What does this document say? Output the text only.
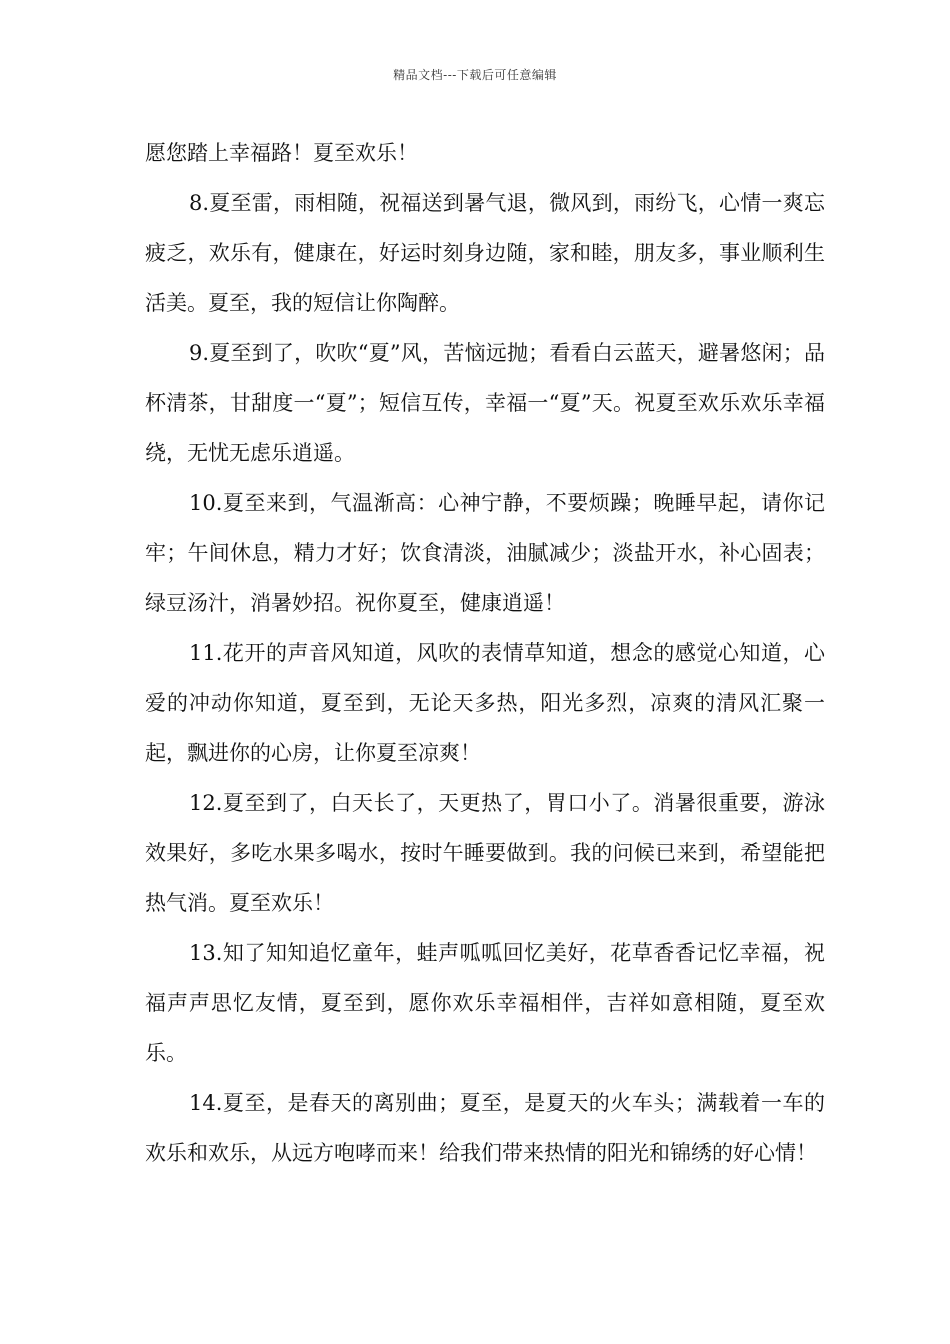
精品文档---下载后可任意编辑

愿您踏上幸福路！夏至欢乐！

8.夏至雷，雨相随，祝福送到暑气退，微风到，雨纷飞，心情一爽忘疲乏，欢乐有，健康在，好运时刻身边随，家和睦，朋友多，事业顺利生活美。夏至，我的短信让你陶醉。

9.夏至到了，吹吹“夏”风，苦恼远抛；看看白云蓝天，避暑悠闲；品杯清茶，甘甜度一“夏”；短信互传，幸福一“夏”天。祝夏至欢乐欢乐幸福绕，无忧无虑乐逍遥。

10.夏至来到，气温渐高：心神宁静，不要烦躁；晚睡早起，请你记牢；午间休息，精力才好；饮食清淡，油腻减少；淡盐开水，补心固表；绿豆汤汁，消暑妙招。祝你夏至，健康逍遥！

11.花开的声音风知道，风吹的表情草知道，想念的感觉心知道，心爱的冲动你知道，夏至到，无论天多热，阳光多烈，凉爽的清风汇聚一起，飘进你的心房，让你夏至凉爽！

12.夏至到了，白天长了，天更热了，胃口小了。消暑很重要，游泳效果好，多吃水果多喝水，按时午睡要做到。我的问候已来到，希望能把热气消。夏至欢乐！

13.知了知知追忆童年，蛙声呱呱回忆美好，花草香香记忆幸福，祝福声声思忆友情，夏至到，愿你欢乐幸福相伴，吉祥如意相随，夏至欢乐。

14.夏至，是春天的离别曲；夏至，是夏天的火车头；满载着一车的欢乐和欢乐，从远方咆哮而来！给我们带来热情的阳光和锦绣的好心情！
